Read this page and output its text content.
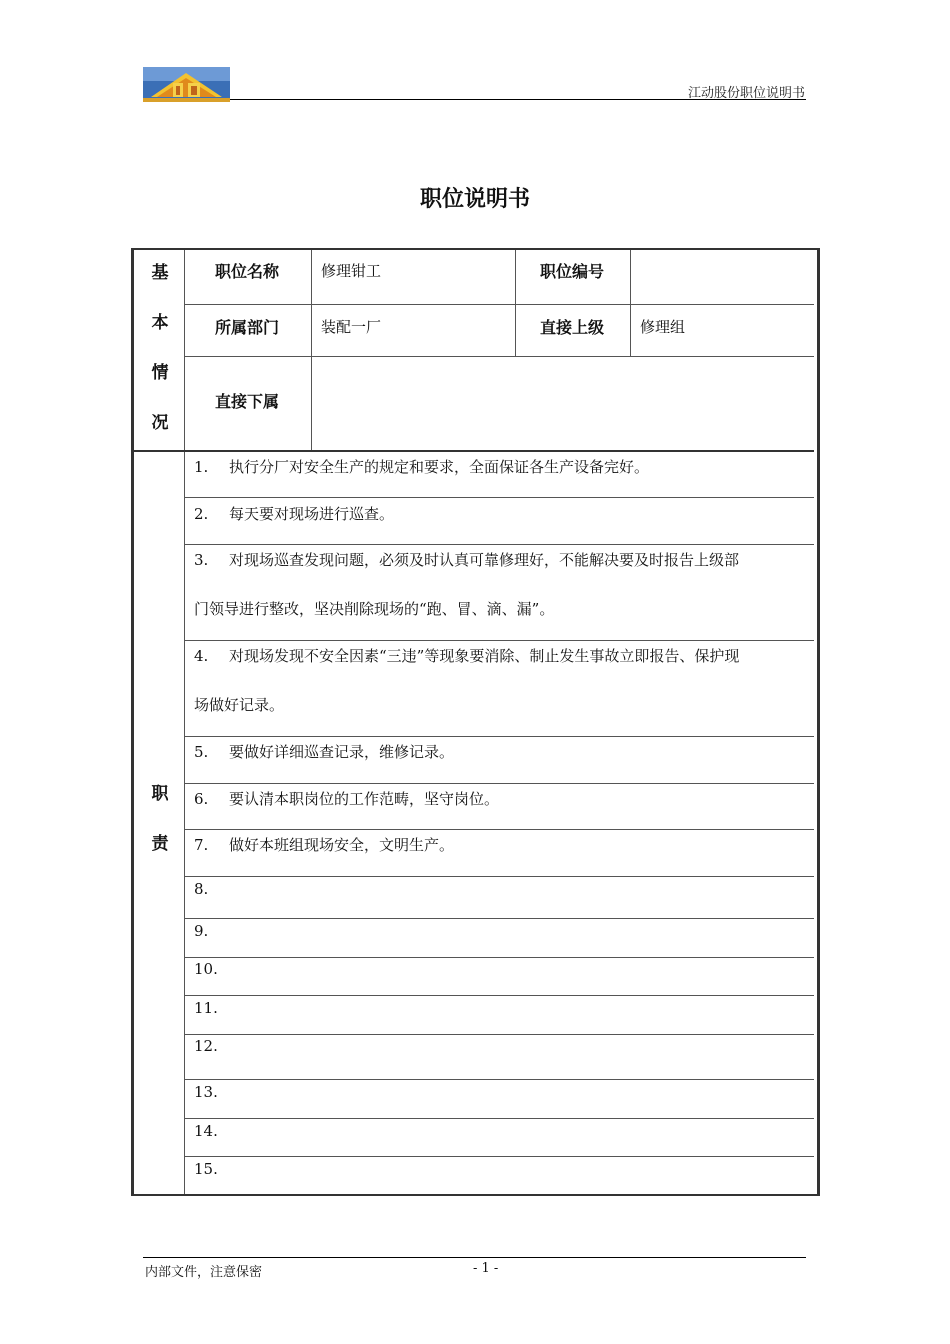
江动股份职位说明书
职位说明书
基
本
情
况
职位名称	修理钳工	职位编号
所属部门	装配一厂	直接上级 修理组
直接下属
职
责
1. 执行分厂对安全生产的规定和要求，全面保证各生产设备完好。
2. 每天要对现场进行巡查。
3. 对现场巡查发现问题，必须及时认真可靠修理好，不能解决要及时报告上级部
门领导进行整改，坚决削除现场的“跑、冒、滴、漏”。
4. 对现场发现不安全因素“三违”等现象要消除、制止发生事故立即报告、保护现
场做好记录。
5. 要做好详细巡查记录，维修记录。
6. 要认清本职岗位的工作范畴，坚守岗位。
7. 做好本班组现场安全，文明生产。
8.
9.
10.
11.
12.
13.
14.
15.
内部文件，注意保密	- 1 -
